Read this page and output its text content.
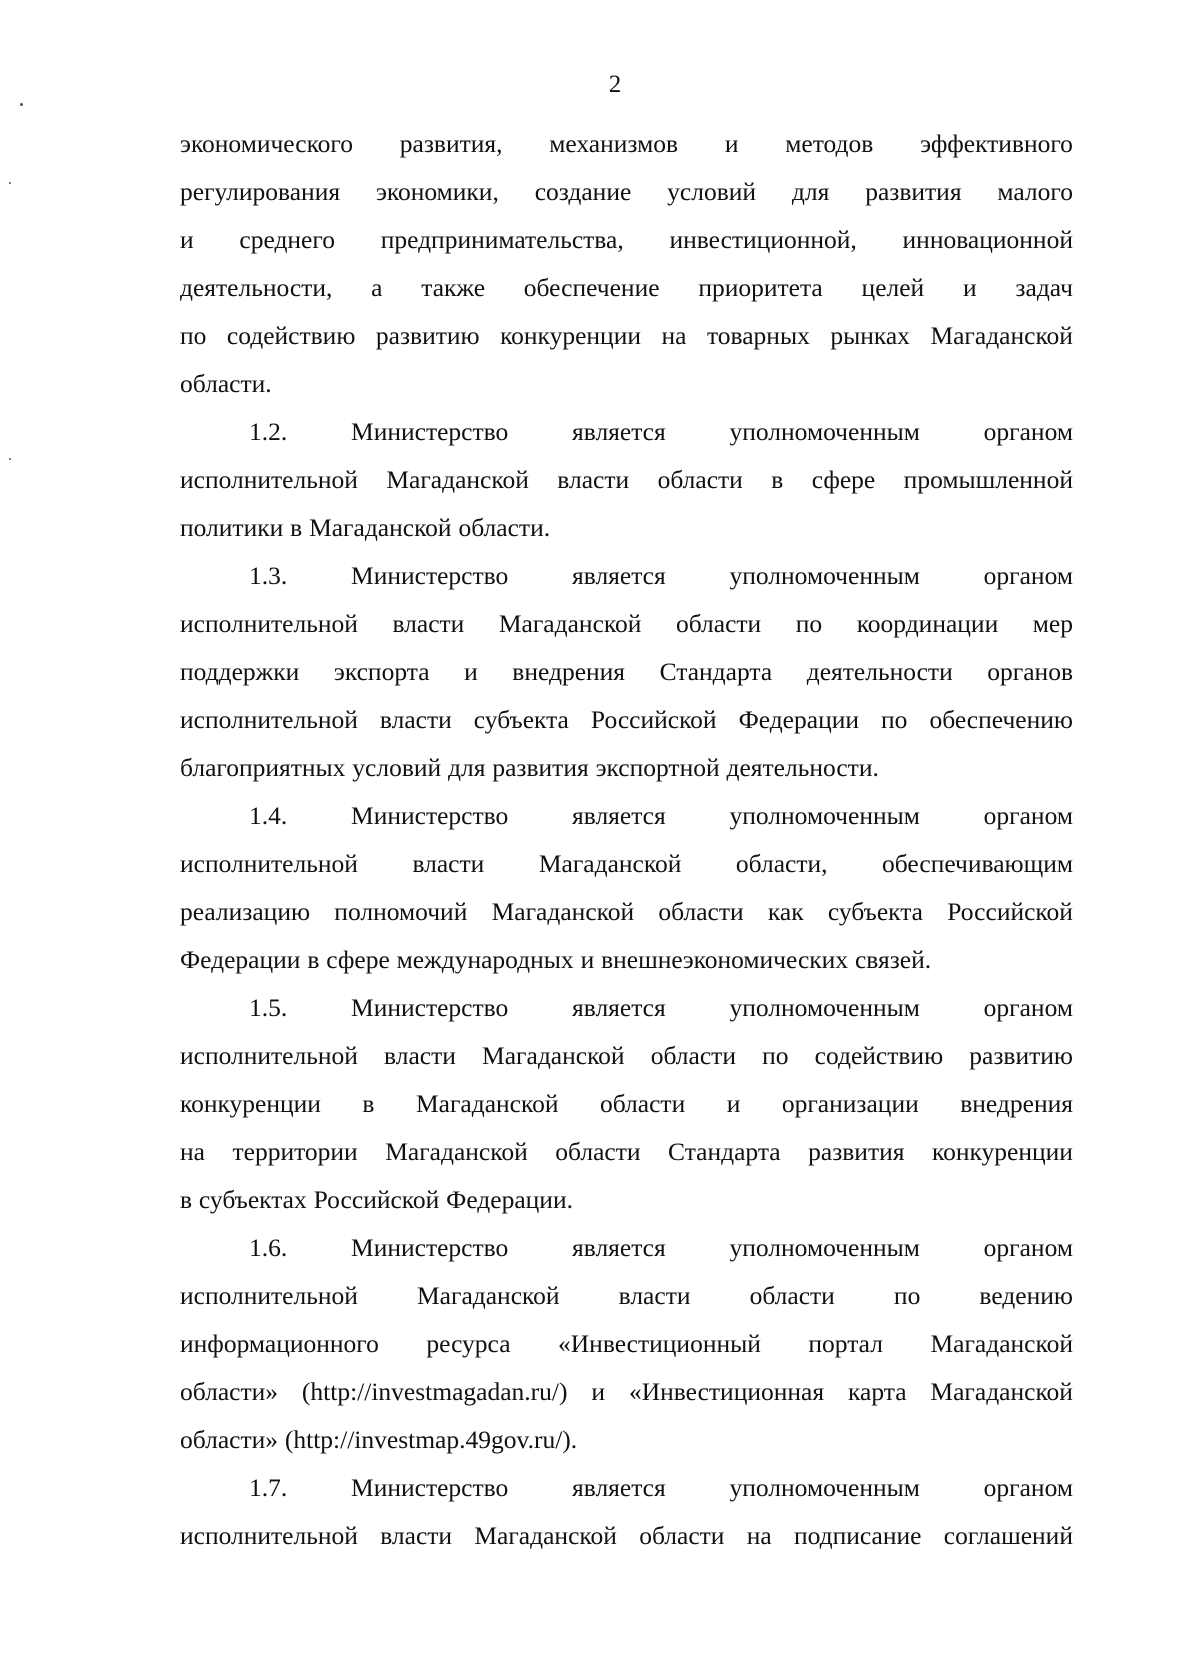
2
экономического развития, механизмов и методов эффективного
регулирования экономики, создание условий для развития малого
и среднего предпринимательства, инвестиционной, инновационной
деятельности, а также обеспечение приоритета целей и задач
по содействию развитию конкуренции на товарных рынках Магаданской
области.
1.2.	Министерство	является	уполномоченным	органом
исполнительной Магаданской власти области в сфере промышленной
политики в Магаданской области.
1.3.	Министерство	является	уполномоченным	органом
исполнительной власти Магаданской области по координации мер
поддержки экспорта и внедрения Стандарта деятельности органов
исполнительной власти субъекта Российской Федерации по обеспечению
благоприятных условий для развития экспортной деятельности.
1.4.	Министерство	является	уполномоченным	органом
исполнительной власти Магаданской области, обеспечивающим
реализацию полномочий Магаданской области как субъекта Российской
Федерации в сфере международных и внешнеэкономических связей.
1.5.	Министерство	является	уполномоченным	органом
исполнительной власти Магаданской области по содействию развитию
конкуренции в Магаданской области и организации внедрения
на территории Магаданской области Стандарта развития конкуренции
в субъектах Российской Федерации.
1.6.	Министерство	является	уполномоченным	органом
исполнительной Магаданской власти области по ведению
информационного ресурса «Инвестиционный портал Магаданской
области» (http://investmagadan.ru/) и «Инвестиционная карта Магаданской
области» (http://investmap.49gov.ru/).
1.7.	Министерство	является	уполномоченным	органом
исполнительной власти Магаданской области на подписание соглашений
